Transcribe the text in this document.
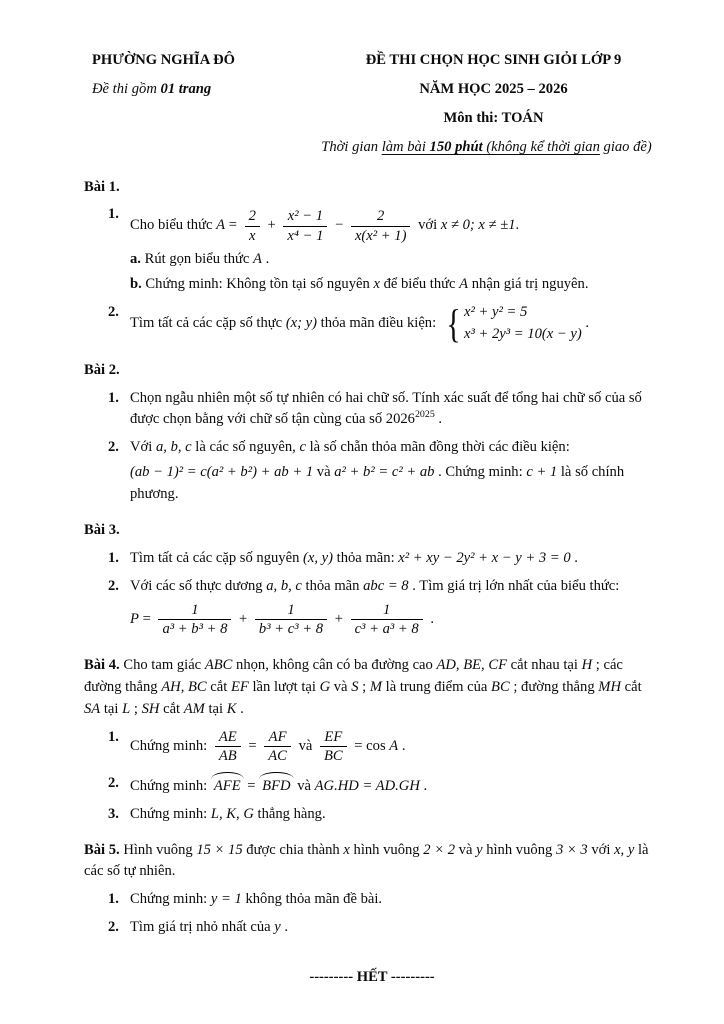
PHƯỜNG NGHĨA ĐÔ
Đề thi gồm 01 trang
ĐỀ THI CHỌN HỌC SINH GIỎI LỚP 9
NĂM HỌC 2025 – 2026
Môn thi: TOÁN
Thời gian làm bài 150 phút (không kể thời gian giao đề)
Bài 1.
1.
Cho biểu thức $A = \frac{2}{x} + \frac{\text{x² − 1}}{\text{x⁴ − 1}} - \frac{2}{\text{x(x² + 1)}}$ với x ≠ 0; x ≠ ±1.
a. Rút gọn biểu thức A .
b. Chứng minh: Không tồn tại số nguyên x để biểu thức A nhận giá trị nguyên.
2.
Tìm tất cả các cặp số thực (x; y) thỏa mãn điều kiện: { x² + y² = 5
x³ + 2y³ = 10(x − y)
.
Bài 2.
1. Chọn ngẫu nhiên một số tự nhiên có hai chữ số. Tính xác suất để tổng hai chữ số của số được chọn bằng với chữ số tận cùng của số $2026^{2025}$ .
2. Với a, b, c là các số nguyên, c là số chẵn thỏa mãn đồng thời các điều kiện:
(ab − 1)² = c(a² + b²) + ab + 1 và a² + b² = c² + ab . Chứng minh: c + 1 là số chính phương.
Bài 3.
1. Tìm tất cả các cặp số nguyên (x, y) thỏa mãn: x² + xy − 2y² + x − y + 3 = 0 .
2. Với các số thực dương a, b, c thỏa mãn abc = 8 . Tìm giá trị lớn nhất của biểu thức:
$P = \frac{1}{\text{a³ + b³ + 8}} + \frac{1}{\text{b³ + c³ + 8}} + \frac{1}{\text{c³ + a³ + 8}}$ .
Bài 4. Cho tam giác ABC nhọn, không cân có ba đường cao AD, BE, CF cắt nhau tại H ; các đường thẳng AH, BC cắt EF lần lượt tại G và S ; M là trung điểm của BC ; đường thẳng MH cắt SA tại L ; SH cắt AM tại K .
1.
Chứng minh: $\frac{AE}{AB} = \frac{AF}{AC}$ và $\frac{EF}{BC} = \cos A$ .
2. Chứng minh: AFE = BFD và AG.HD = AD.GH .
3. Chứng minh: L, K, G thẳng hàng.
Bài 5. Hình vuông 15 × 15 được chia thành x hình vuông 2 × 2 và y hình vuông 3 × 3 với x, y là các số tự nhiên.
1. Chứng minh: y = 1 không thỏa mãn đề bài.
2. Tìm giá trị nhỏ nhất của y .
--------- HẾT ---------
